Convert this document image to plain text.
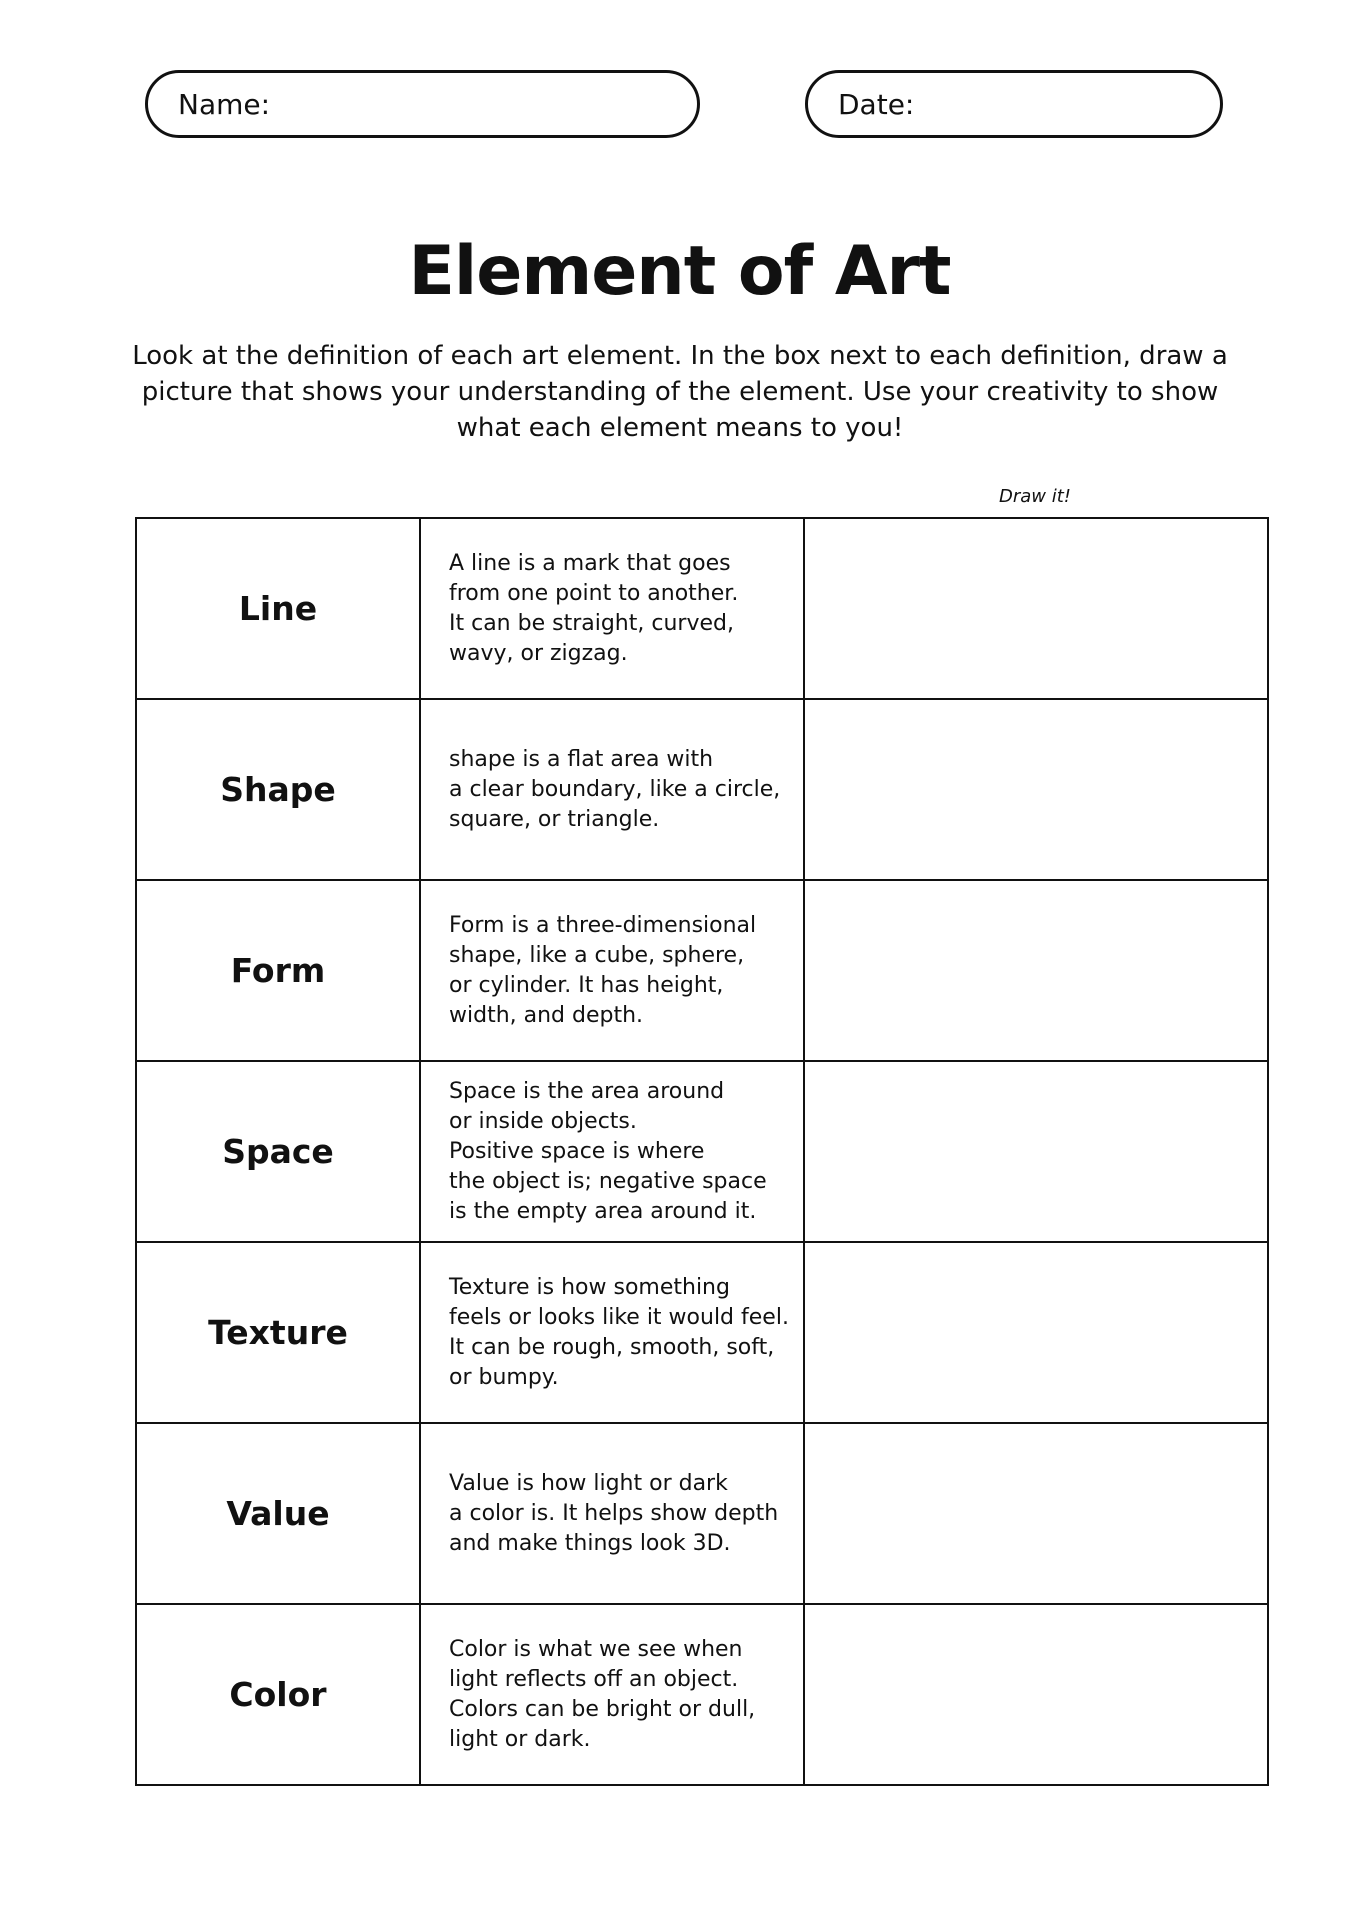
Name:	Date:
Element of Art

Look at the definition of each art element. In the box next to each definition, draw a picture that shows your understanding of the element. Use your creativity to show what each element means to you!

Draw it!
Line	A line is a mark that goes
from one point to another.
It can be straight, curved,
wavy, or zigzag.	
Shape	shape is a flat area with
a clear boundary, like a circle,
square, or triangle.	
Form	Form is a three-dimensional
shape, like a cube, sphere,
or cylinder. It has height,
width, and depth.	
Space	Space is the area around
or inside objects.
Positive space is where
the object is; negative space
is the empty area around it.	
Texture	Texture is how something
feels or looks like it would feel.
It can be rough, smooth, soft,
or bumpy.	
Value	Value is how light or dark
a color is. It helps show depth
and make things look 3D.	
Color	Color is what we see when
light reflects off an object.
Colors can be bright or dull,
light or dark.	
